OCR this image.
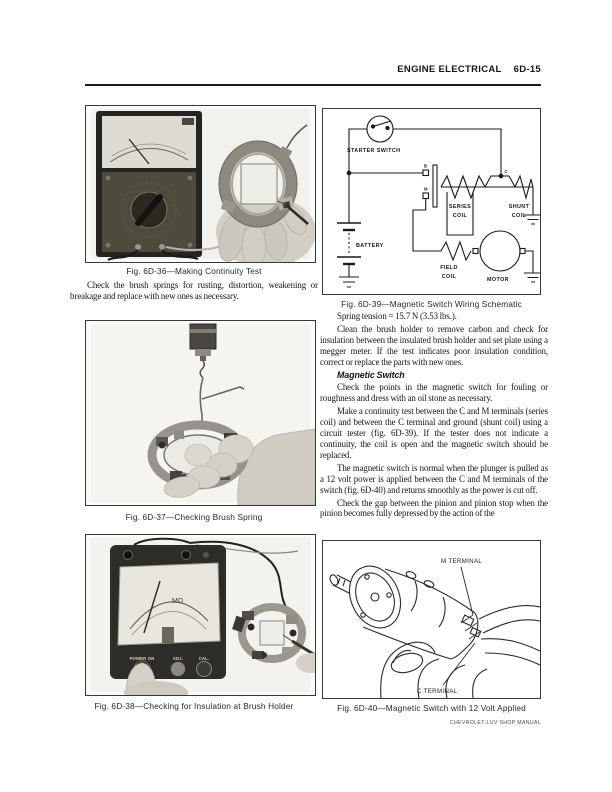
ENGINE ELECTRICAL 6D-15
Fig. 6D-36—Making Continuity Test

Check the brush springs for rusting, distortion, weakening or breakage and replace with new ones as necessary.

Fig. 6D-37—Checking Brush Spring
MΩ
POWER ON	ADJ.	CAL.
Fig. 6D-38—Checking for Insulation at Brush Holder
STARTER SWITCH
B
M
C
SERIES
COIL
SHUNT
COIL
BATTERY
FIELD
COIL	MOTOR
Fig. 6D-39—Magnetic Switch Wiring Schematic

Spring tension = 15.7 N (3.53 lbs.).

Clean the brush holder to remove carbon and check for insulation between the insulated brush holder and set plate using a megger meter. If the test indicates poor insulation condition, correct or replace the parts with new ones.

Magnetic Switch

Check the points in the magnetic switch for fouling or roughness and dress with an oil stone as necessary.

Make a continuity test between the C and M terminals (series coil) and between the C terminal and ground (shunt coil) using a circuit tester (fig. 6D-39). If the tester does not indicate a continuity, the coil is open and the magnetic switch should be replaced.

The magnetic switch is normal when the plunger is pulled as a 12 volt power is applied between the C and M terminals of the switch (fig. 6D-40) and returns smoothly as the power is cut off.

Check the gap between the pinion and pinion stop when the pinion becomes fully depressed by the action of the

M TERMINAL
C TERMINAL
Fig. 6D-40—Magnetic Switch with 12 Volt Applied
CHEVROLET-LUV SHOP MANUAL
